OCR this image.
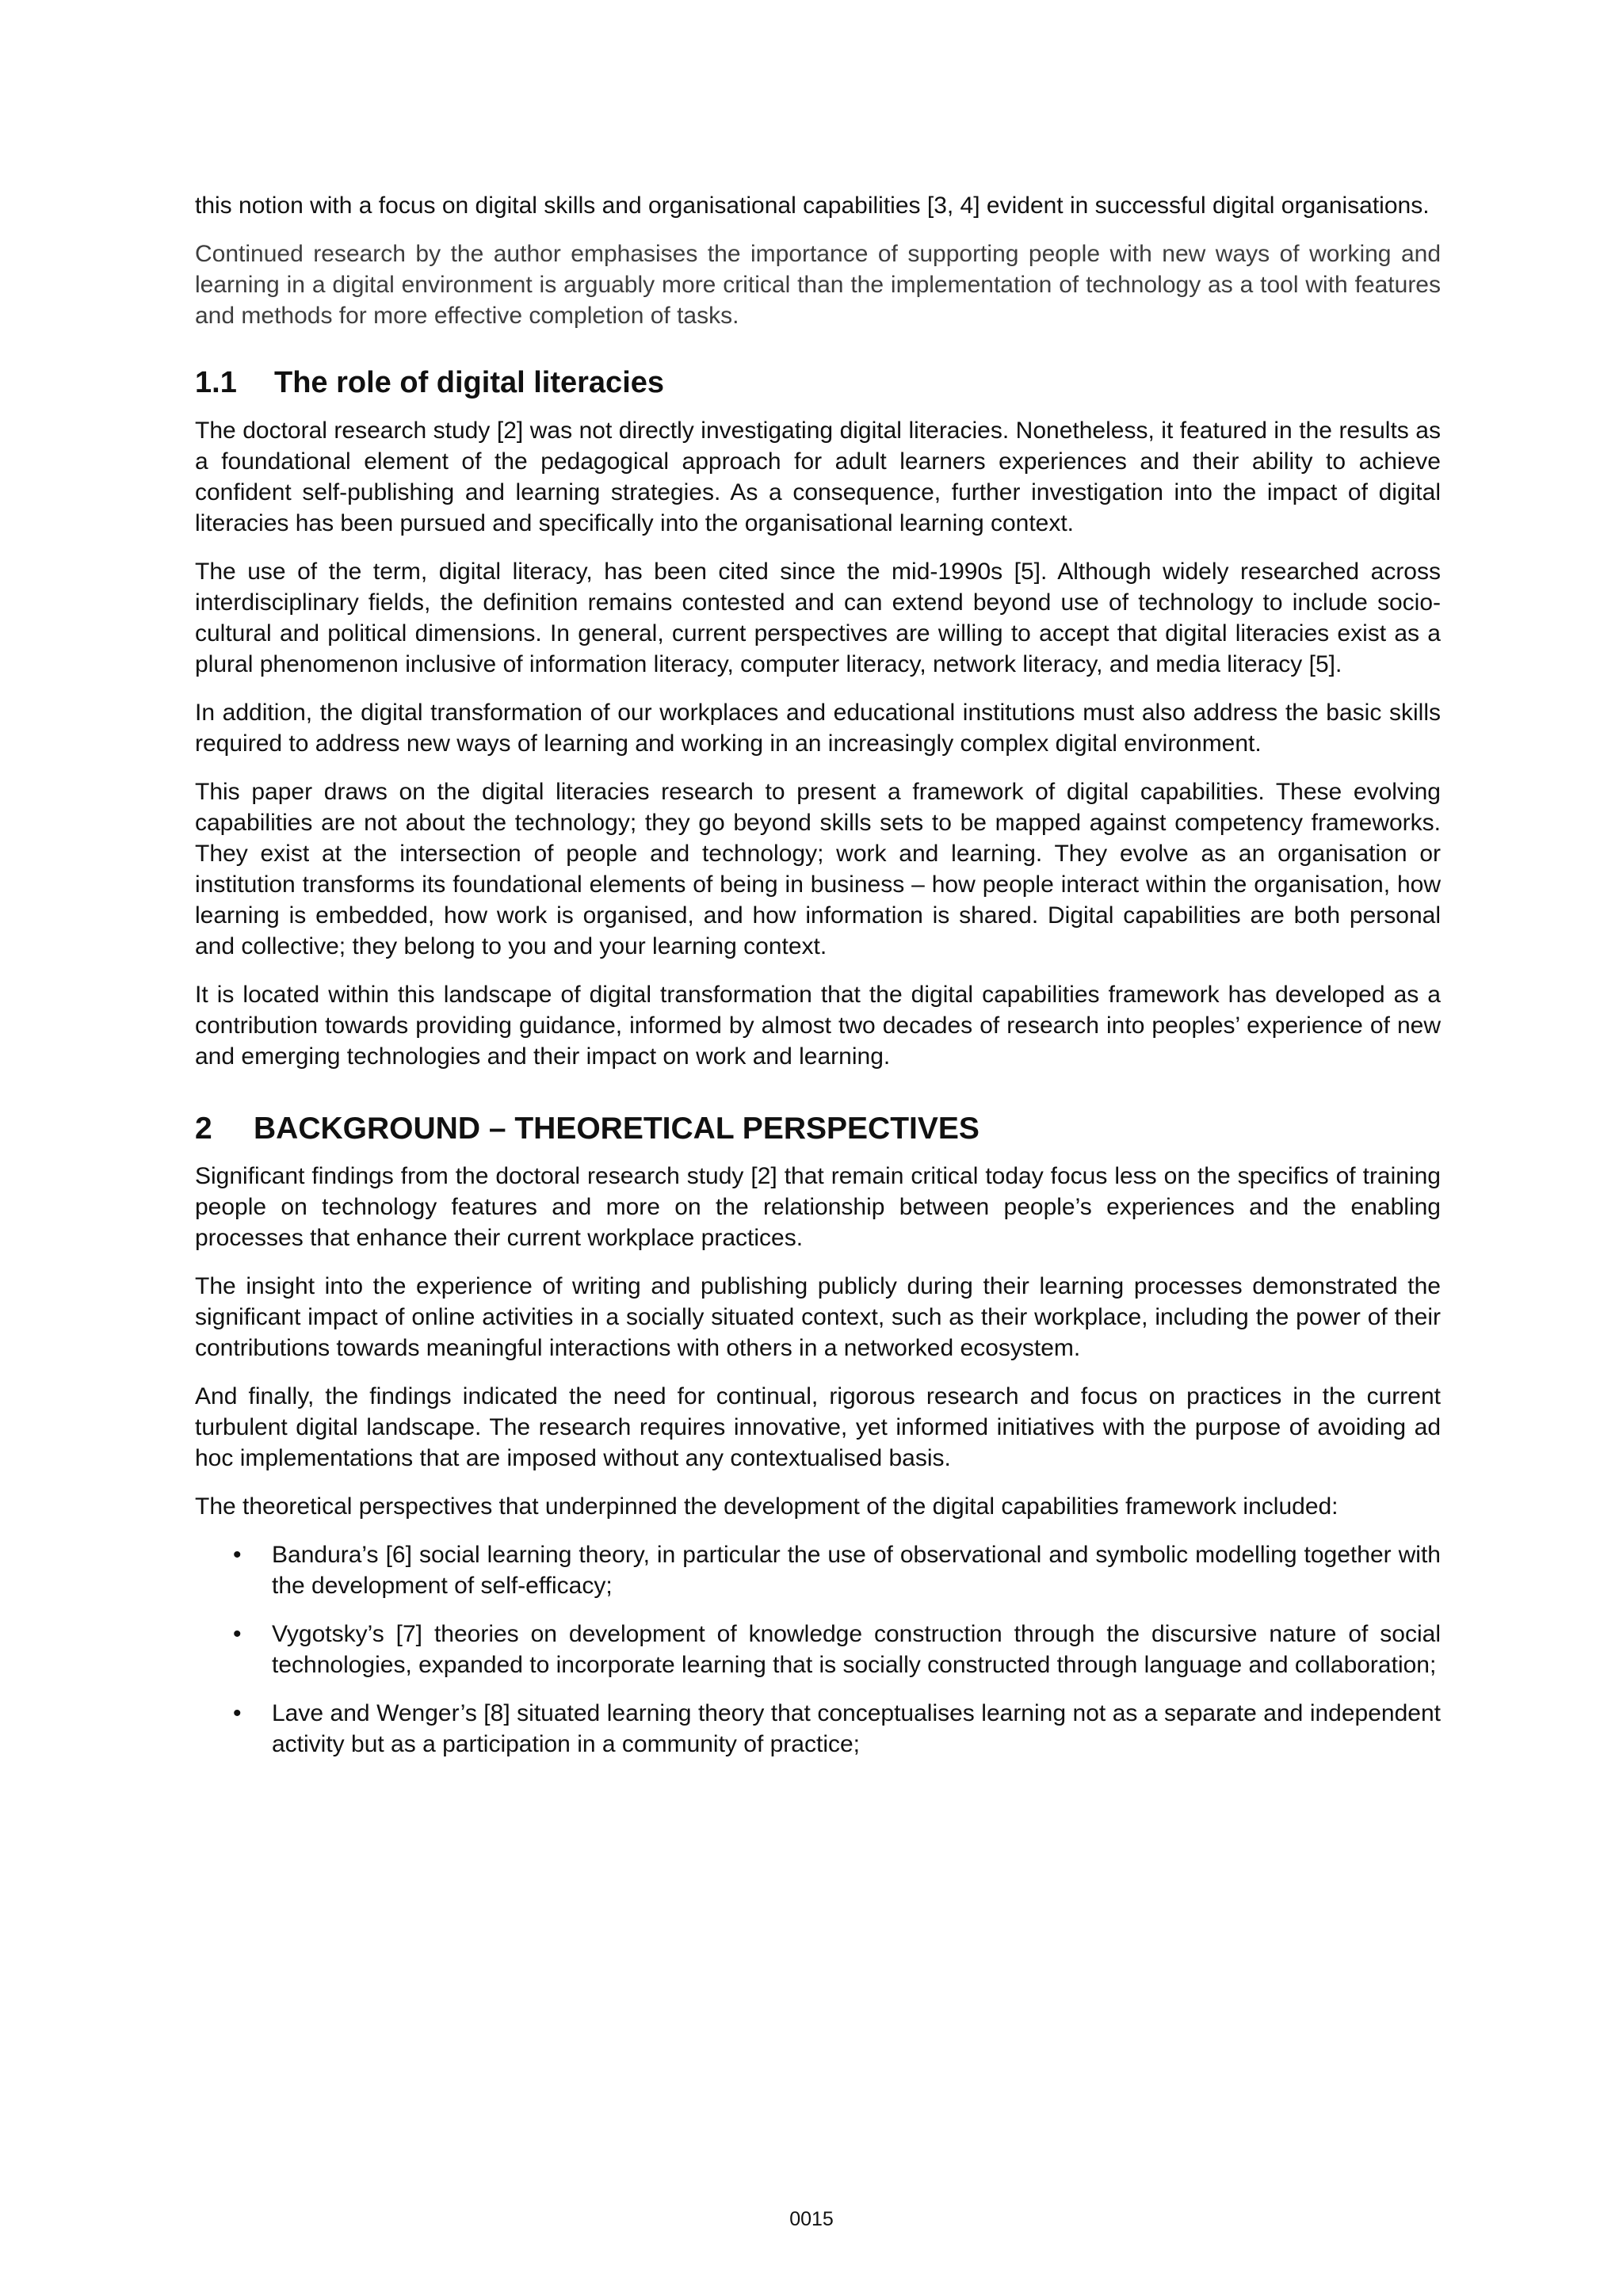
this notion with a focus on digital skills and organisational capabilities [3, 4] evident in successful digital organisations.

Continued research by the author emphasises the importance of supporting people with new ways of working and learning in a digital environment is arguably more critical than the implementation of technology as a tool with features and methods for more effective completion of tasks.

1.1	The role of digital literacies

The doctoral research study [2] was not directly investigating digital literacies. Nonetheless, it featured in the results as a foundational element of the pedagogical approach for adult learners experiences and their ability to achieve confident self-publishing and learning strategies. As a consequence, further investigation into the impact of digital literacies has been pursued and specifically into the organisational learning context.

The use of the term, digital literacy, has been cited since the mid-1990s [5]. Although widely researched across interdisciplinary fields, the definition remains contested and can extend beyond use of technology to include socio-cultural and political dimensions. In general, current perspectives are willing to accept that digital literacies exist as a plural phenomenon inclusive of information literacy, computer literacy, network literacy, and media literacy [5].

In addition, the digital transformation of our workplaces and educational institutions must also address the basic skills required to address new ways of learning and working in an increasingly complex digital environment.

This paper draws on the digital literacies research to present a framework of digital capabilities. These evolving capabilities are not about the technology; they go beyond skills sets to be mapped against competency frameworks. They exist at the intersection of people and technology; work and learning. They evolve as an organisation or institution transforms its foundational elements of being in business – how people interact within the organisation, how learning is embedded, how work is organised, and how information is shared. Digital capabilities are both personal and collective; they belong to you and your learning context.

It is located within this landscape of digital transformation that the digital capabilities framework has developed as a contribution towards providing guidance, informed by almost two decades of research into peoples’ experience of new and emerging technologies and their impact on work and learning.

2	BACKGROUND – THEORETICAL PERSPECTIVES

Significant findings from the doctoral research study [2] that remain critical today focus less on the specifics of training people on technology features and more on the relationship between people’s experiences and the enabling processes that enhance their current workplace practices.

The insight into the experience of writing and publishing publicly during their learning processes demonstrated the significant impact of online activities in a socially situated context, such as their workplace, including the power of their contributions towards meaningful interactions with others in a networked ecosystem.

And finally, the findings indicated the need for continual, rigorous research and focus on practices in the current turbulent digital landscape. The research requires innovative, yet informed initiatives with the purpose of avoiding ad hoc implementations that are imposed without any contextualised basis.

The theoretical perspectives that underpinned the development of the digital capabilities framework included:

• Bandura’s [6] social learning theory, in particular the use of observational and symbolic modelling together with the development of self-efficacy;
• Vygotsky’s [7] theories on development of knowledge construction through the discursive nature of social technologies, expanded to incorporate learning that is socially constructed through language and collaboration;
• Lave and Wenger’s [8] situated learning theory that conceptualises learning not as a separate and independent activity but as a participation in a community of practice;
0015
